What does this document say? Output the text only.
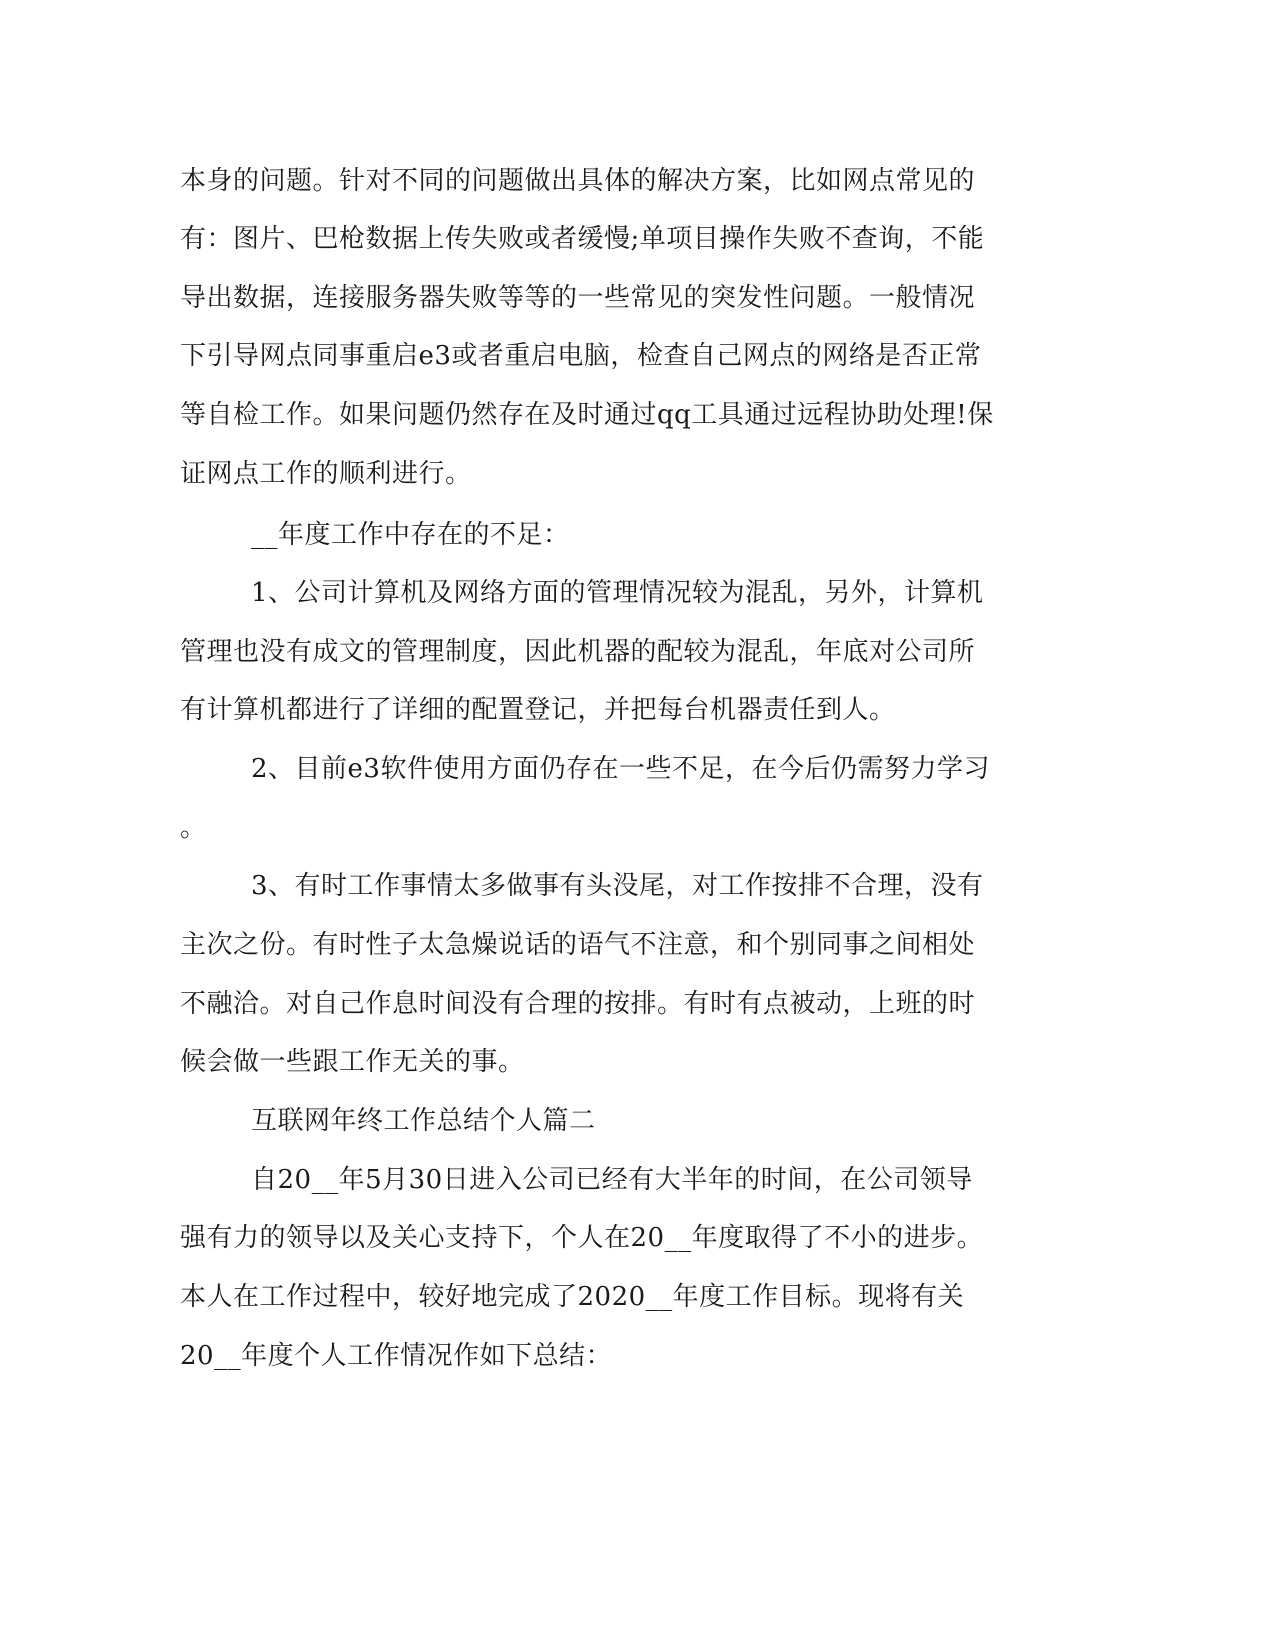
本身的问题。针对不同的问题做出具体的解决方案，比如网点常见的
有：图片、巴枪数据上传失败或者缓慢;单项目操作失败不查询，不能
导出数据，连接服务器失败等等的一些常见的突发性问题。一般情况
下引导网点同事重启e3或者重启电脑，检查自己网点的网络是否正常
等自检工作。如果问题仍然存在及时通过qq工具通过远程协助处理!保
证网点工作的顺利进行。
__年度工作中存在的不足：
1、公司计算机及网络方面的管理情况较为混乱，另外，计算机
管理也没有成文的管理制度，因此机器的配较为混乱，年底对公司所
有计算机都进行了详细的配置登记，并把每台机器责任到人。
2、目前e3软件使用方面仍存在一些不足，在今后仍需努力学习
。
3、有时工作事情太多做事有头没尾，对工作按排不合理，没有
主次之份。有时性子太急燥说话的语气不注意，和个别同事之间相处
不融洽。对自己作息时间没有合理的按排。有时有点被动，上班的时
候会做一些跟工作无关的事。
互联网年终工作总结个人篇二
自20__年5月30日进入公司已经有大半年的时间，在公司领导
强有力的领导以及关心支持下，个人在20__年度取得了不小的进步。
本人在工作过程中，较好地完成了2020__年度工作目标。现将有关
20__年度个人工作情况作如下总结：
